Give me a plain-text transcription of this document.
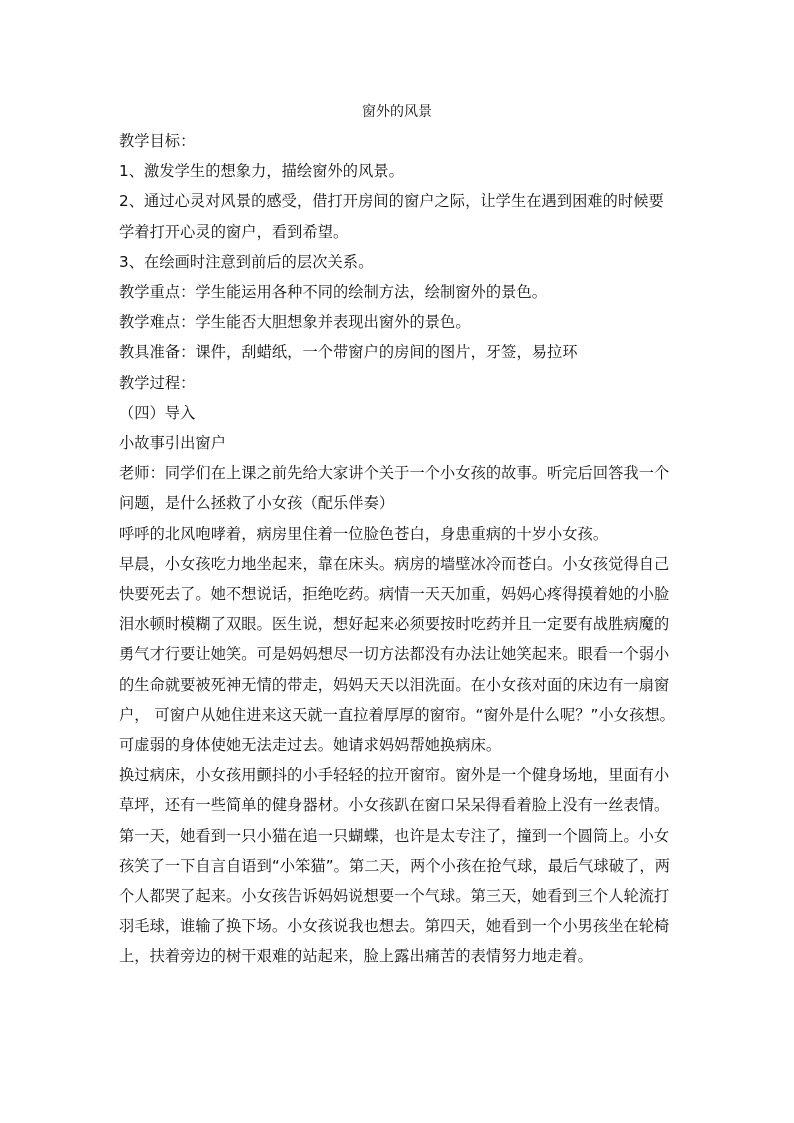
窗外的风景

教学目标：

1、激发学生的想象力，描绘窗外的风景。

2、通过心灵对风景的感受，借打开房间的窗户之际，让学生在遇到困难的时候要学着打开心灵的窗户，看到希望。

3、在绘画时注意到前后的层次关系。

教学重点：学生能运用各种不同的绘制方法，绘制窗外的景色。

教学难点：学生能否大胆想象并表现出窗外的景色。

教具准备：课件，刮蜡纸，一个带窗户的房间的图片，牙签，易拉环

教学过程：

（四）导入

小故事引出窗户

老师：同学们在上课之前先给大家讲个关于一个小女孩的故事。听完后回答我一个问题，是什么拯救了小女孩（配乐伴奏）

呼呼的北风咆哮着，病房里住着一位脸色苍白，身患重病的十岁小女孩。

早晨，小女孩吃力地坐起来，靠在床头。病房的墙壁冰冷而苍白。小女孩觉得自己快要死去了。她不想说话，拒绝吃药。病情一天天加重，妈妈心疼得摸着她的小脸泪水顿时模糊了双眼。医生说，想好起来必须要按时吃药并且一定要有战胜病魔的勇气才行要让她笑。可是妈妈想尽一切方法都没有办法让她笑起来。眼看一个弱小的生命就要被死神无情的带走，妈妈天天以泪洗面。在小女孩对面的床边有一扇窗户， 可窗户从她住进来这天就一直拉着厚厚的窗帘。“窗外是什么呢？”小女孩想。可虚弱的身体使她无法走过去。她请求妈妈帮她换病床。

换过病床，小女孩用颤抖的小手轻轻的拉开窗帘。窗外是一个健身场地，里面有小草坪，还有一些简单的健身器材。小女孩趴在窗口呆呆得看着脸上没有一丝表情。第一天，她看到一只小猫在追一只蝴蝶，也许是太专注了，撞到一个圆筒上。小女孩笑了一下自言自语到“小笨猫”。第二天，两个小孩在抢气球，最后气球破了，两个人都哭了起来。小女孩告诉妈妈说想要一个气球。第三天，她看到三个人轮流打羽毛球，谁输了换下场。小女孩说我也想去。第四天，她看到一个小男孩坐在轮椅上，扶着旁边的树干艰难的站起来，脸上露出痛苦的表情努力地走着。
